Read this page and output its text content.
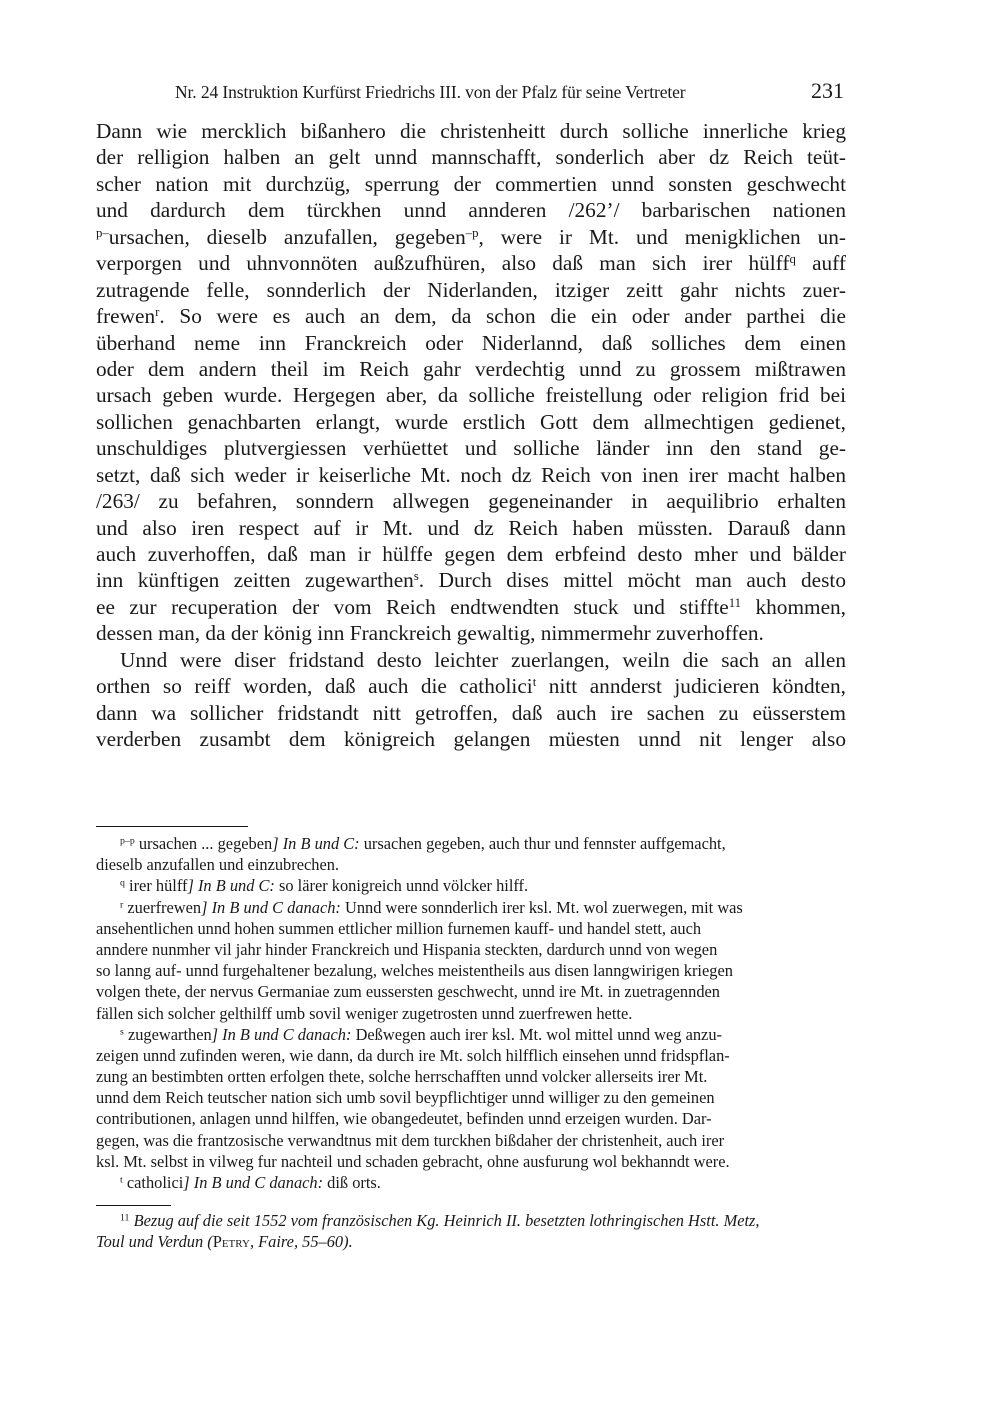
Nr. 24 Instruktion Kurfürst Friedrichs III. von der Pfalz für seine Vertreter	231
Dann wie mercklich bißanhero die christenheitt durch solliche innerliche krieg
der relligion halben an gelt unnd mannschafft, sonderlich aber dz Reich teüt-
scher nation mit durchzüg, sperrung der commertien unnd sonsten geschwecht
und dardurch dem türckhen unnd annderen /262’/ barbarischen nationen
$^{p-}$ursachen, dieselb anzufallen, gegeben$^{-p}$, were ir Mt. und menigklichen un-
verporgen und uhnvonnöten außzufhüren, also daß man sich irer hülff$^q$ auff
zutragende felle, sonnderlich der Niderlanden, itziger zeitt gahr nichts zuer-
frewen$^r$. So were es auch an dem, da schon die ein oder ander parthei die
überhand neme inn Franckreich oder Niderlannd, daß solliches dem einen
oder dem andern theil im Reich gahr verdechtig unnd zu grossem mißtrawen
ursach geben wurde. Hergegen aber, da solliche freistellung oder religion frid bei
sollichen genachbarten erlangt, wurde erstlich Gott dem allmechtigen gedienet,
unschuldiges plutvergiessen verhüettet und solliche länder inn den stand ge-
setzt, daß sich weder ir keiserliche Mt. noch dz Reich von inen irer macht halben
/263/ zu befahren, sonndern allwegen gegeneinander in aequilibrio erhalten
und also iren respect auf ir Mt. und dz Reich haben müssten. Darauß dann
auch zuverhoffen, daß man ir hülffe gegen dem erbfeind desto mher und bälder
inn künftigen zeitten zugewarthen$^s$. Durch dises mittel möcht man auch desto
ee zur recuperation der vom Reich endtwendten stuck und stiffte$^{11}$ khommen,
dessen man, da der könig inn Franckreich gewaltig, nimmermehr zuverhoffen.
Unnd were diser fridstand desto leichter zuerlangen, weiln die sach an allen
orthen so reiff worden, daß auch die catholici$^t$ nitt annderst judicieren köndten,
dann wa sollicher fridstandt nitt getroffen, daß auch ire sachen zu eüsserstem
verderben zusambt dem königreich gelangen müesten unnd nit lenger also
$^{p-p}$ ursachen ... gegeben] In B und C: ursachen gegeben, auch thur und fennster auffgemacht,
dieselb anzufallen und einzubrechen.
$^q$ irer hülff] In B und C: so lärer konigreich unnd völcker hilff.
$^r$ zuerfrewen] In B und C danach: Unnd were sonnderlich irer ksl. Mt. wol zuerwegen, mit was
ansehentlichen unnd hohen summen ettlicher million furnemen kauff- und handel stett, auch
anndere nunmher vil jahr hinder Franckreich und Hispania steckten, dardurch unnd von wegen
so lanng auf- unnd furgehaltener bezalung, welches meistentheils aus disen lanngwirigen kriegen
volgen thete, der nervus Germaniae zum eussersten geschwecht, unnd ire Mt. in zuetragennden
fällen sich solcher gelthilff umb sovil weniger zugetrosten unnd zuerfrewen hette.
$^s$ zugewarthen] In B und C danach: Deßwegen auch irer ksl. Mt. wol mittel unnd weg anzu-
zeigen unnd zufinden weren, wie dann, da durch ire Mt. solch hilfflich einsehen unnd fridspflan-
zung an bestimbten ortten erfolgen thete, solche herrschafften unnd volcker allerseits irer Mt.
unnd dem Reich teutscher nation sich umb sovil beypflichtiger unnd williger zu den gemeinen
contributionen, anlagen unnd hilffen, wie obangedeutet, befinden unnd erzeigen wurden. Dar-
gegen, was die frantzosische verwandtnus mit dem turckhen bißdaher der christenheit, auch irer
ksl. Mt. selbst in vilweg fur nachteil und schaden gebracht, ohne ausfurung wol bekhanndt were.
$^t$ catholici] In B und C danach: diß orts.
$^{11}$ Bezug auf die seit 1552 vom französischen Kg. Heinrich II. besetzten lothringischen Hstt. Metz,
Toul und Verdun (Petry, Faire, 55–60).
